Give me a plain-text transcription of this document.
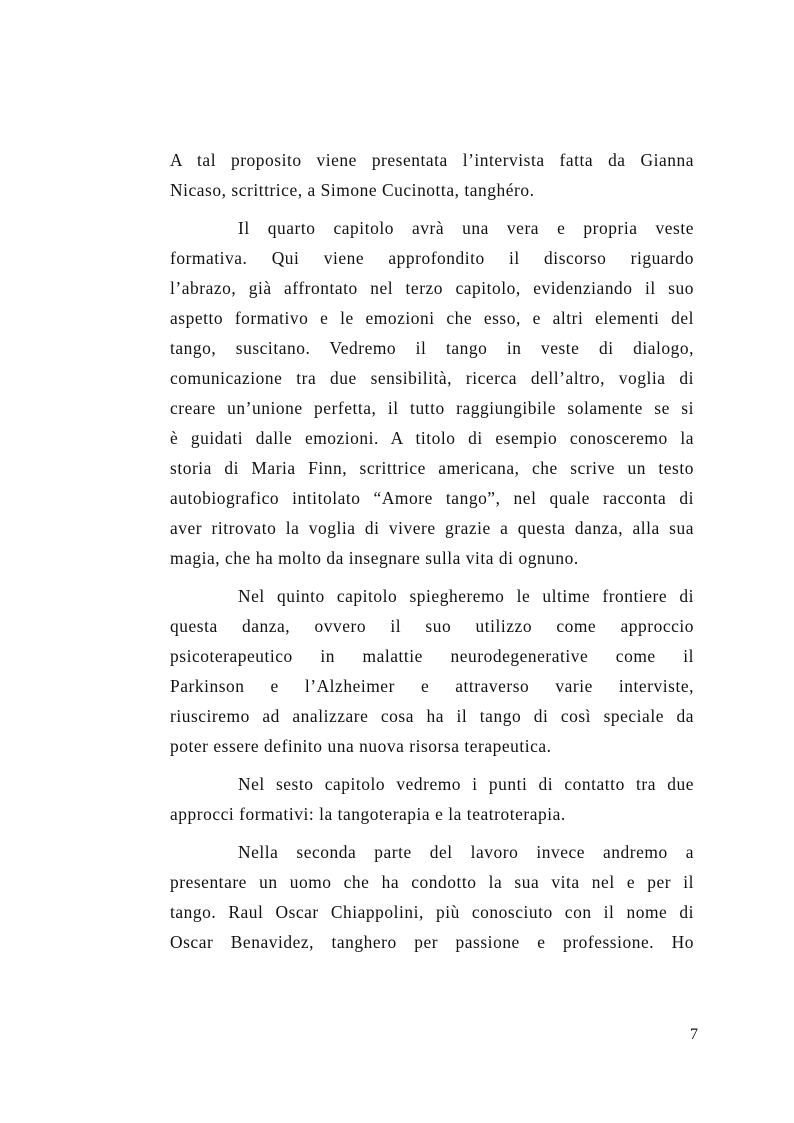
A tal proposito viene presentata l’intervista fatta da Gianna
Nicaso, scrittrice, a Simone Cucinotta, tanghéro.
Il quarto capitolo avrà una vera e propria veste
formativa. Qui viene approfondito il discorso riguardo
l’abrazo, già affrontato nel terzo capitolo, evidenziando il suo
aspetto formativo e le emozioni che esso, e altri elementi del
tango, suscitano. Vedremo il tango in veste di dialogo,
comunicazione tra due sensibilità, ricerca dell’altro, voglia di
creare un’unione perfetta, il tutto raggiungibile solamente se si
è guidati dalle emozioni. A titolo di esempio conosceremo la
storia di Maria Finn, scrittrice americana, che scrive un testo
autobiografico intitolato “Amore tango”, nel quale racconta di
aver ritrovato la voglia di vivere grazie a questa danza, alla sua
magia, che ha molto da insegnare sulla vita di ognuno.
Nel quinto capitolo spiegheremo le ultime frontiere di
questa danza, ovvero il suo utilizzo come approccio
psicoterapeutico in malattie neurodegenerative come il
Parkinson e l’Alzheimer e attraverso varie interviste,
riusciremo ad analizzare cosa ha il tango di così speciale da
poter essere definito una nuova risorsa terapeutica.
Nel sesto capitolo vedremo i punti di contatto tra due
approcci formativi: la tangoterapia e la teatroterapia.
Nella seconda parte del lavoro invece andremo a
presentare un uomo che ha condotto la sua vita nel e per il
tango. Raul Oscar Chiappolini, più conosciuto con il nome di
Oscar Benavidez, tanghero per passione e professione. Ho
7
